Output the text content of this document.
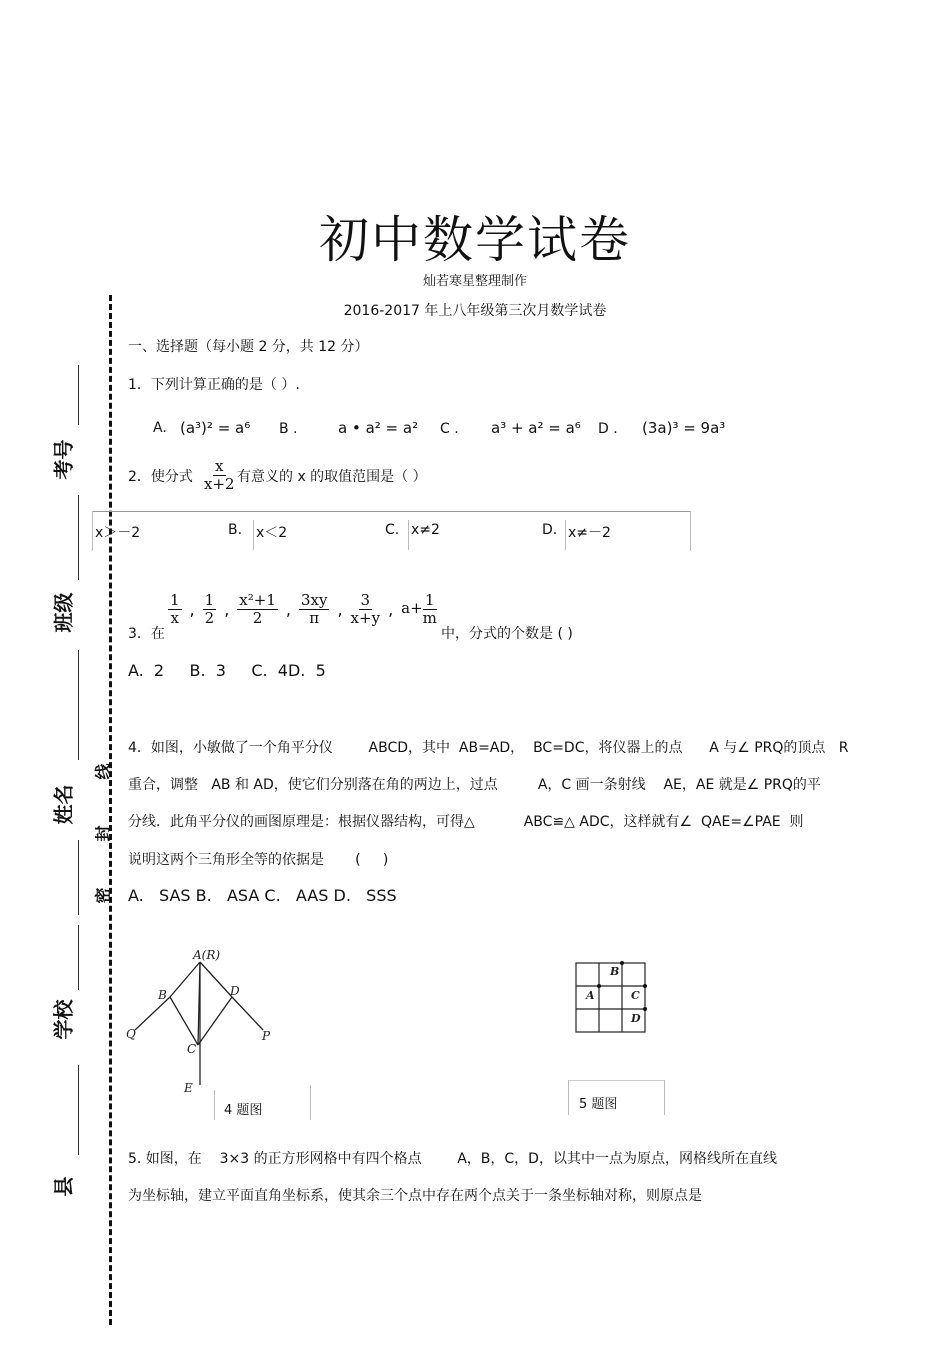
初中数学试卷
灿若寒星整理制作
2016-2017 年上八年级第三次月数学试卷
考号
班级
姓名
学校
县
线
封
密
一、选择题（每小题 2 分，共 12 分）
1．下列计算正确的是（ ）.
A. (a³)² = a⁶ B .	a • a² = a² C . a³ + a² = a⁶ D . (3a)³ = 9a³
2．使分式 $\frac{x}{x+2}$ 有意义的 x 的取值范围是（ ）
x＞－2	B. x＜2	C. x≠2	D. x≠－2
3．在
$\frac{1}{x}$ , $\frac{1}{2}$ , $\frac{\text{x²+1}}{2}$ , $\frac{3xy}{\pi}$ , $\frac{3}{x+y}$ , $a+ \frac{1}{m}$
中，分式的个数是 ( )
A.  2     B.  3     C.  4D.  5
4．如图，小敏做了一个角平分仪        ABCD，其中  AB=AD，  BC=DC，将仪器上的点      A 与∠ PRQ的顶点   R
重合，调整   AB 和 AD，使它们分别落在角的两边上，过点         A，C 画一条射线    AE，AE 就是∠ PRQ的平
分线．此角平分仪的画图原理是：根据仪器结构，可得△           ABC≌△ ADC，这样就有∠  QAE=∠PAE  则
说明这两个三角形全等的依据是       (     )
A.   SAS B.   ASA C.   AAS D.   SSS
A(R)
B	D
Q	P
C
E
4 题图
B
A	C
D
5 题图
5. 如图，在    3×3 的正方形网格中有四个格点        A，B，C，D，以其中一点为原点，网格线所在直线
为坐标轴，建立平面直角坐标系，使其余三个点中存在两个点关于一条坐标轴对称，则原点是
